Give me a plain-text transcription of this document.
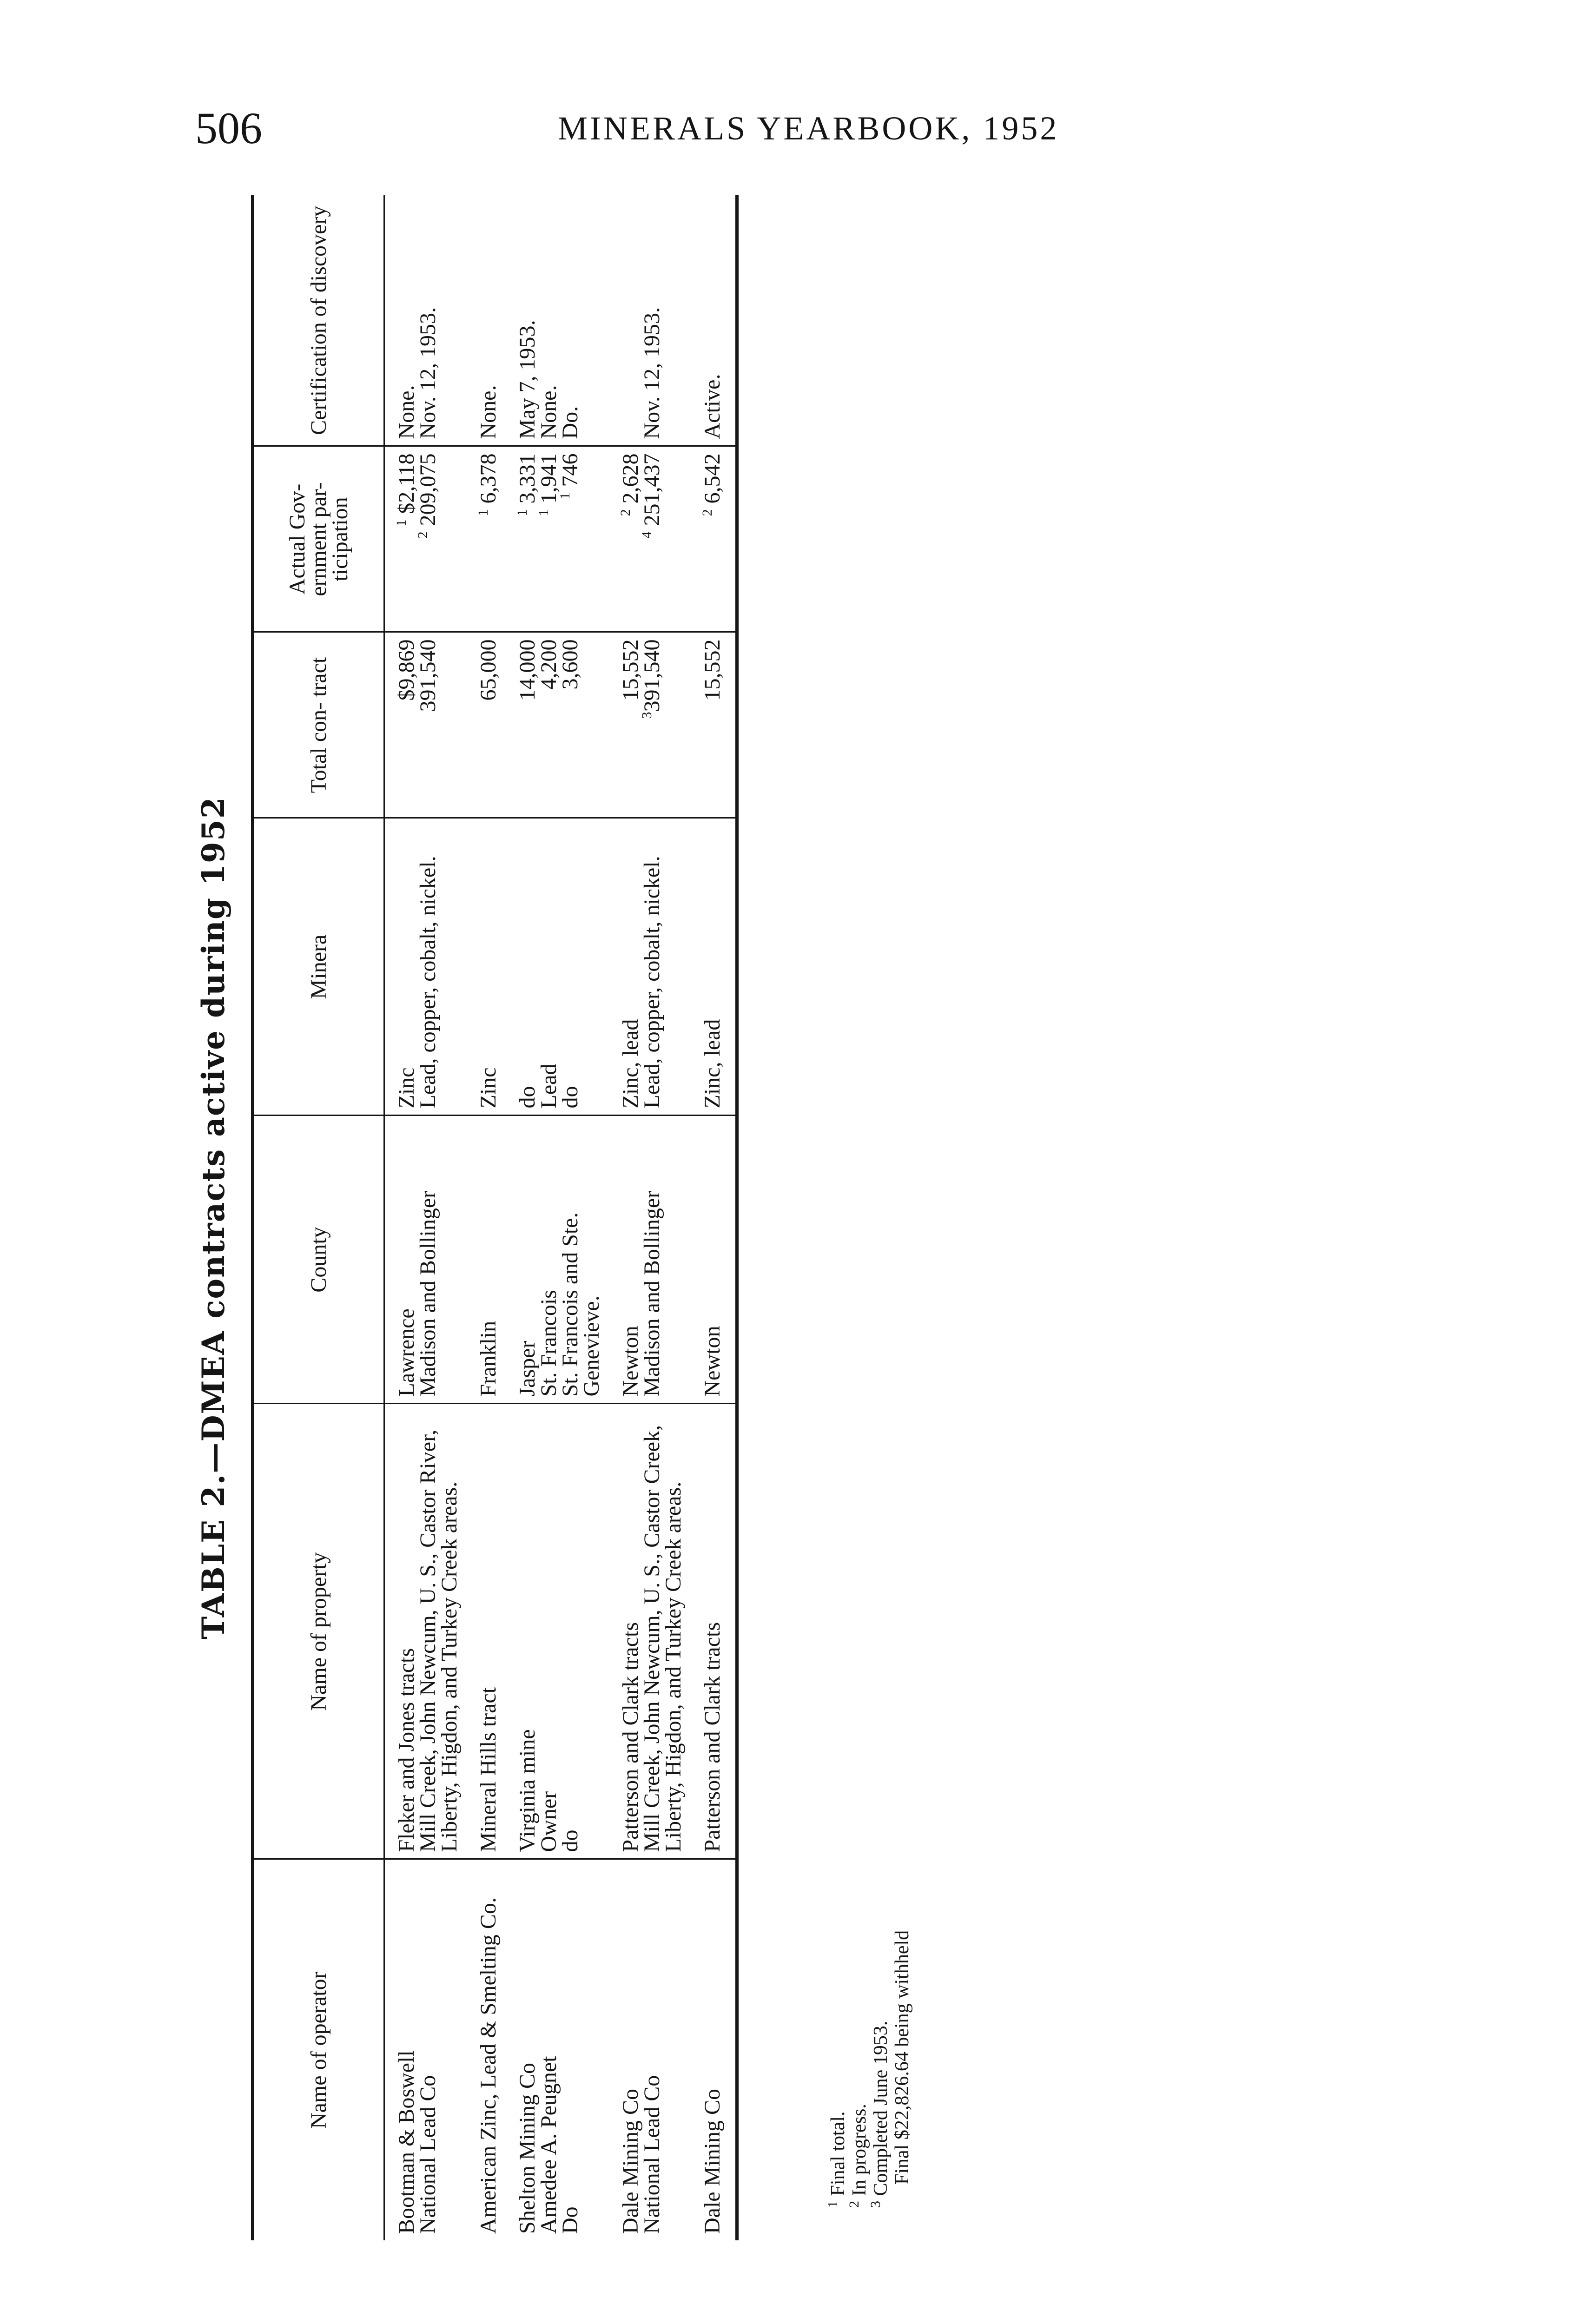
506	MINERALS YEARBOOK, 1952
TABLE 2.—DMEA contracts active during 1952
Name of operator	Name of property	County	Minera	Total con- tract	Actual Gov- ernment par- ticipation	Certification of discovery
Bootman & Boswell	Fleker and Jones tracts	Lawrence	Zinc	$9,869	$^1$ $2,118	None.
National Lead Co	Mill Creek, John Newcum, U. S., Castor River, Liberty, Higdon, and Turkey Creek areas.	Madison and Bollinger	Lead, copper, cobalt, nickel.	391,540	$^2$ 209,075	Nov. 12, 1953.
American Zinc, Lead & Smelting Co.	Mineral Hills tract	Franklin	Zinc	65,000	$^1$ 6,378	None.
Shelton Mining Co	Virginia mine	Jasper	do	14,000	$^1$ 3,331	May 7, 1953.
Amedee A. Peugnet	Owner	St. Francois	Lead	4,200	$^1$ 1,941	None.
Do	do	St. Francois and Ste. Genevieve.	do	3,600	$^1$ 746	Do.
Dale Mining Co	Patterson and Clark tracts	Newton	Zinc, lead	15,552	$^2$ 2,628	
National Lead Co	Mill Creek, John Newcum, U. S., Castor Creek, Liberty, Higdon, and Turkey Creek areas.	Madison and Bollinger	Lead, copper, cobalt, nickel.	$^3$391,540	$^4$ 251,437	Nov. 12, 1953.
Dale Mining Co	Patterson and Clark tracts	Newton	Zinc, lead	15,552	$^2$ 6,542	Active.
$^1$ Final total.
$^2$ In progress.
$^3$ Completed June 1953. Final $22,826.64 being withheld
